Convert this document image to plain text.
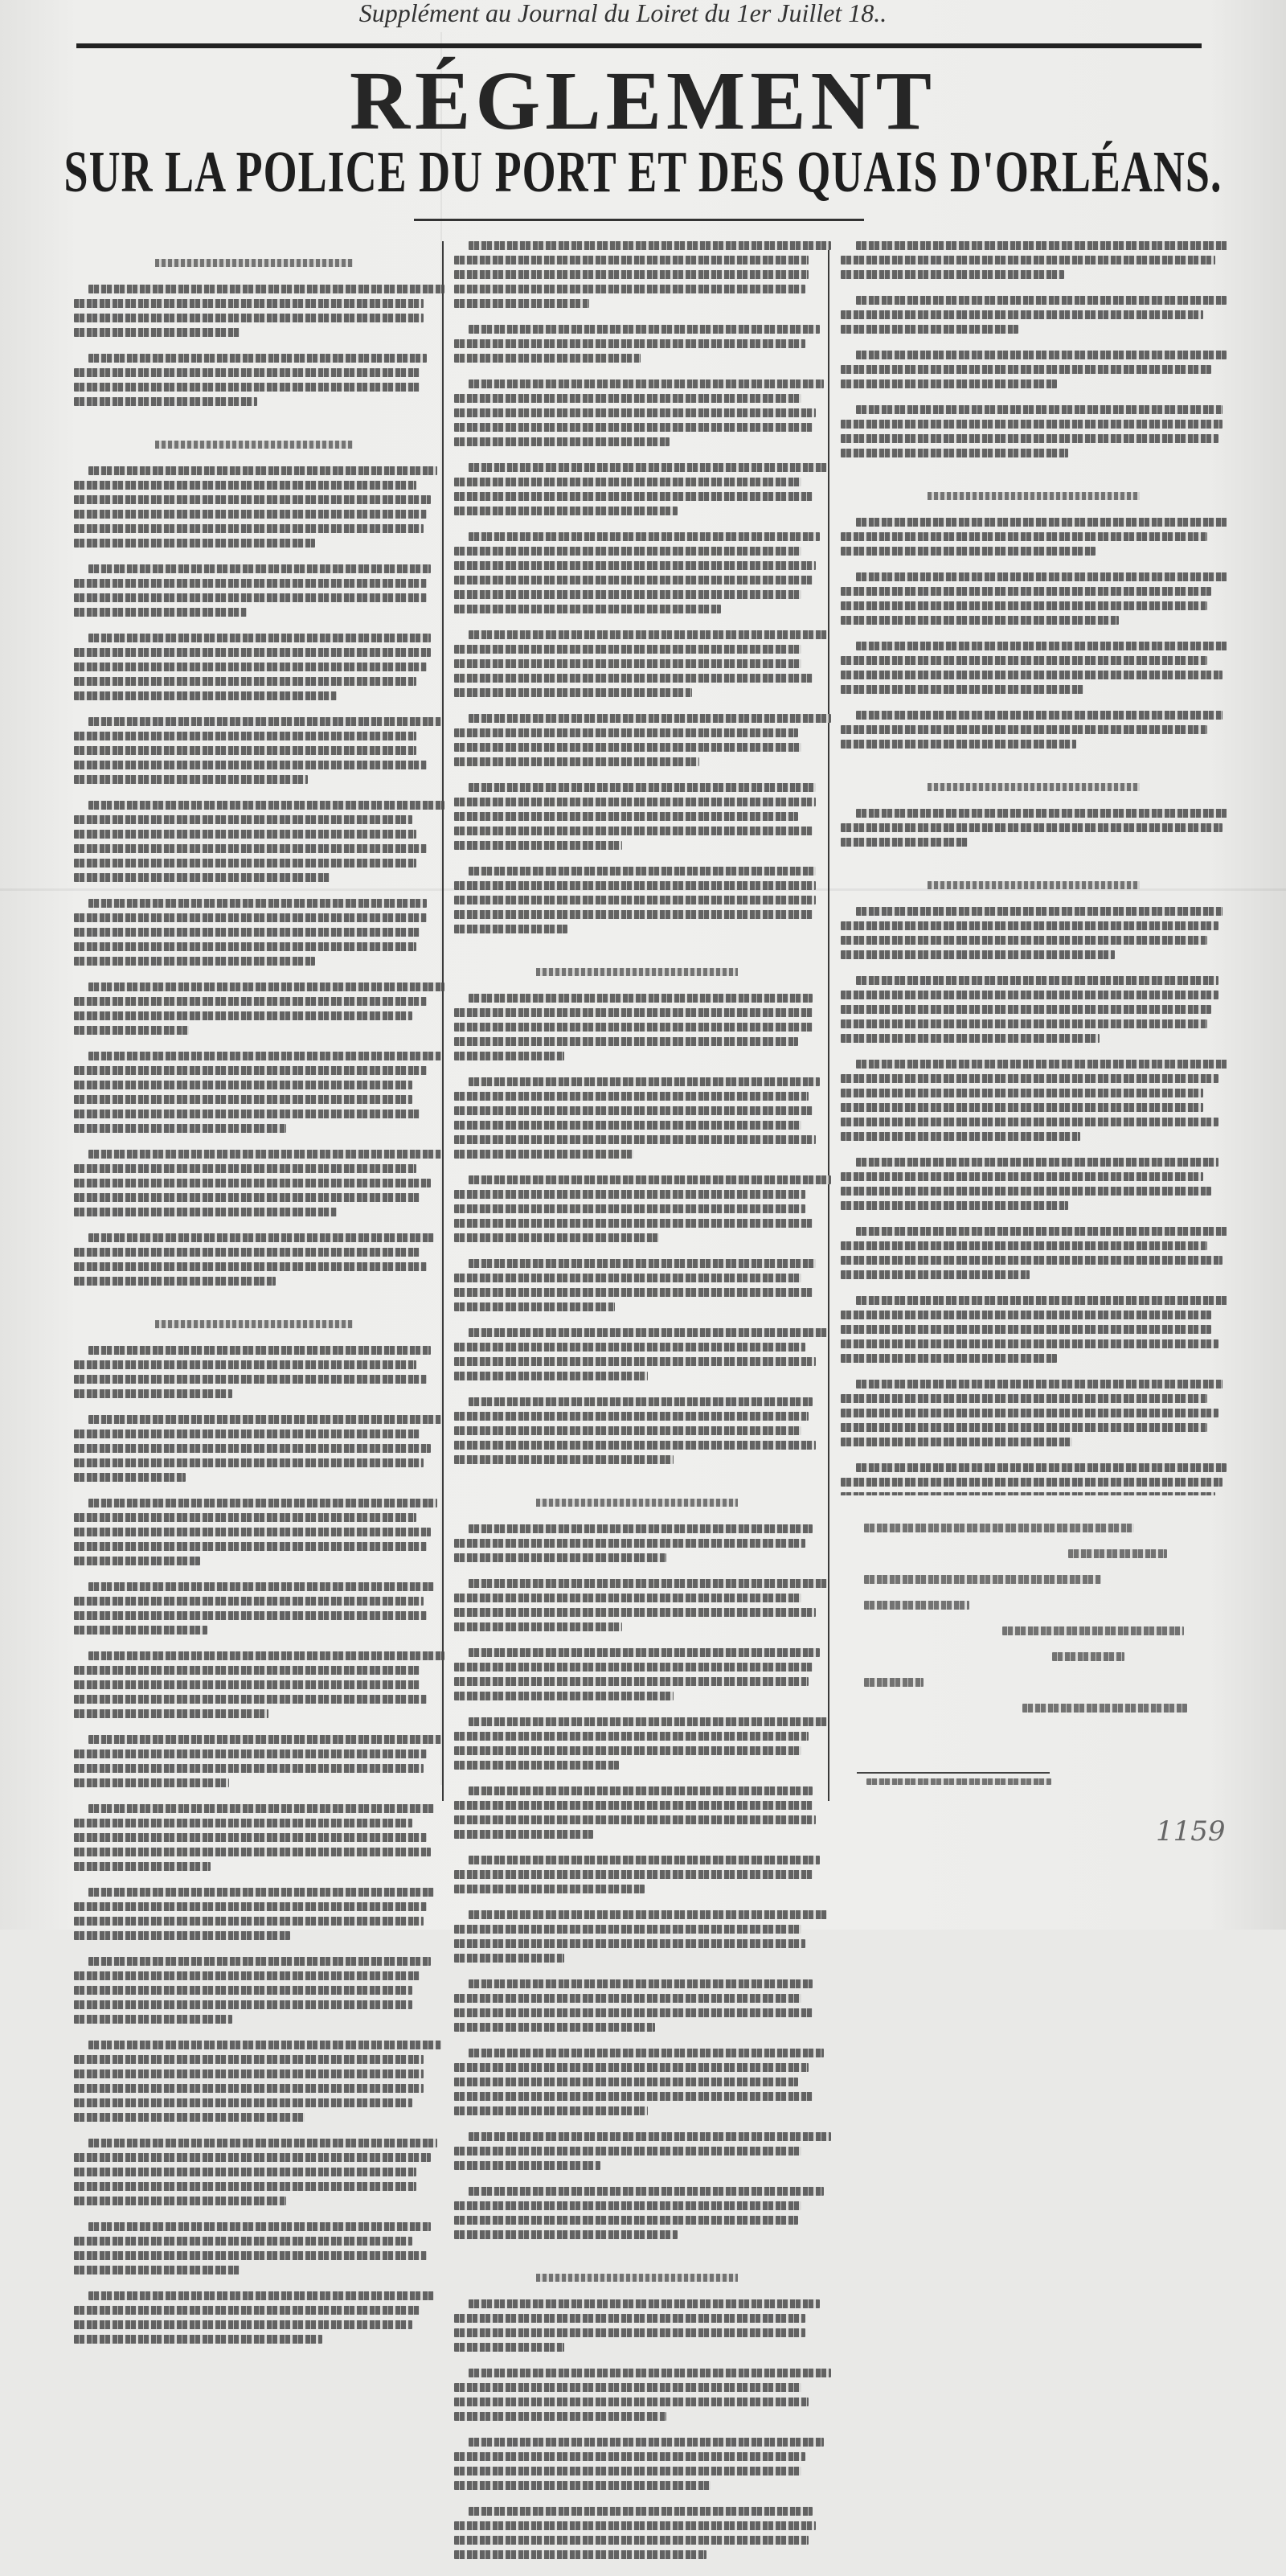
Supplément au Journal du Loiret du 1er Juillet 18..
RÉGLEMENT
SUR LA POLICE DU PORT ET DES QUAIS D'ORLÉANS.
1159
